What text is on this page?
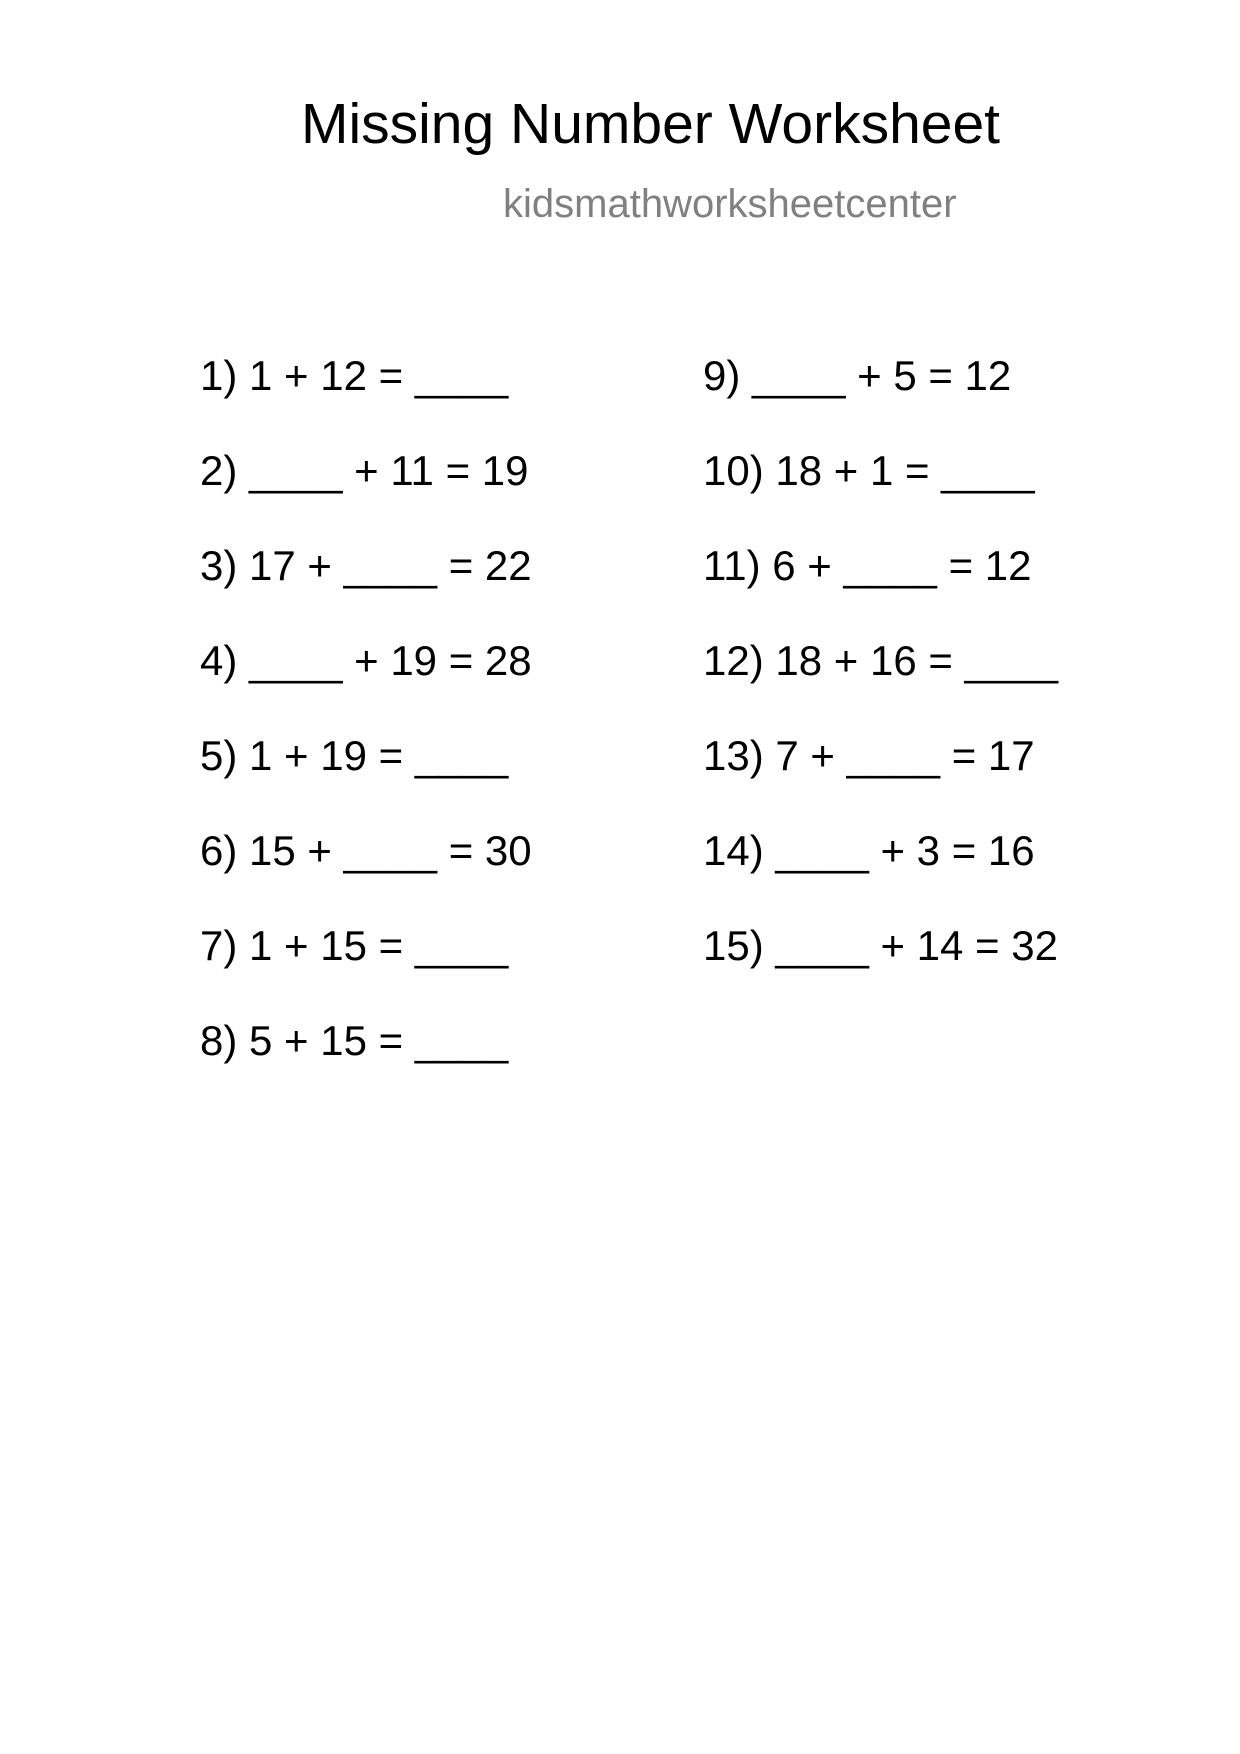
Missing Number Worksheet
kidsmathworksheetcenter
1) 1 + 12 = ____
2) ____ + 11 = 19
3) 17 + ____ = 22
4) ____ + 19 = 28
5) 1 + 19 = ____
6) 15 + ____ = 30
7) 1 + 15 = ____
8) 5 + 15 = ____
9) ____ + 5 = 12
10) 18 + 1 = ____
11) 6 + ____ = 12
12) 18 + 16 = ____
13) 7 + ____ = 17
14) ____ + 3 = 16
15) ____ + 14 = 32
